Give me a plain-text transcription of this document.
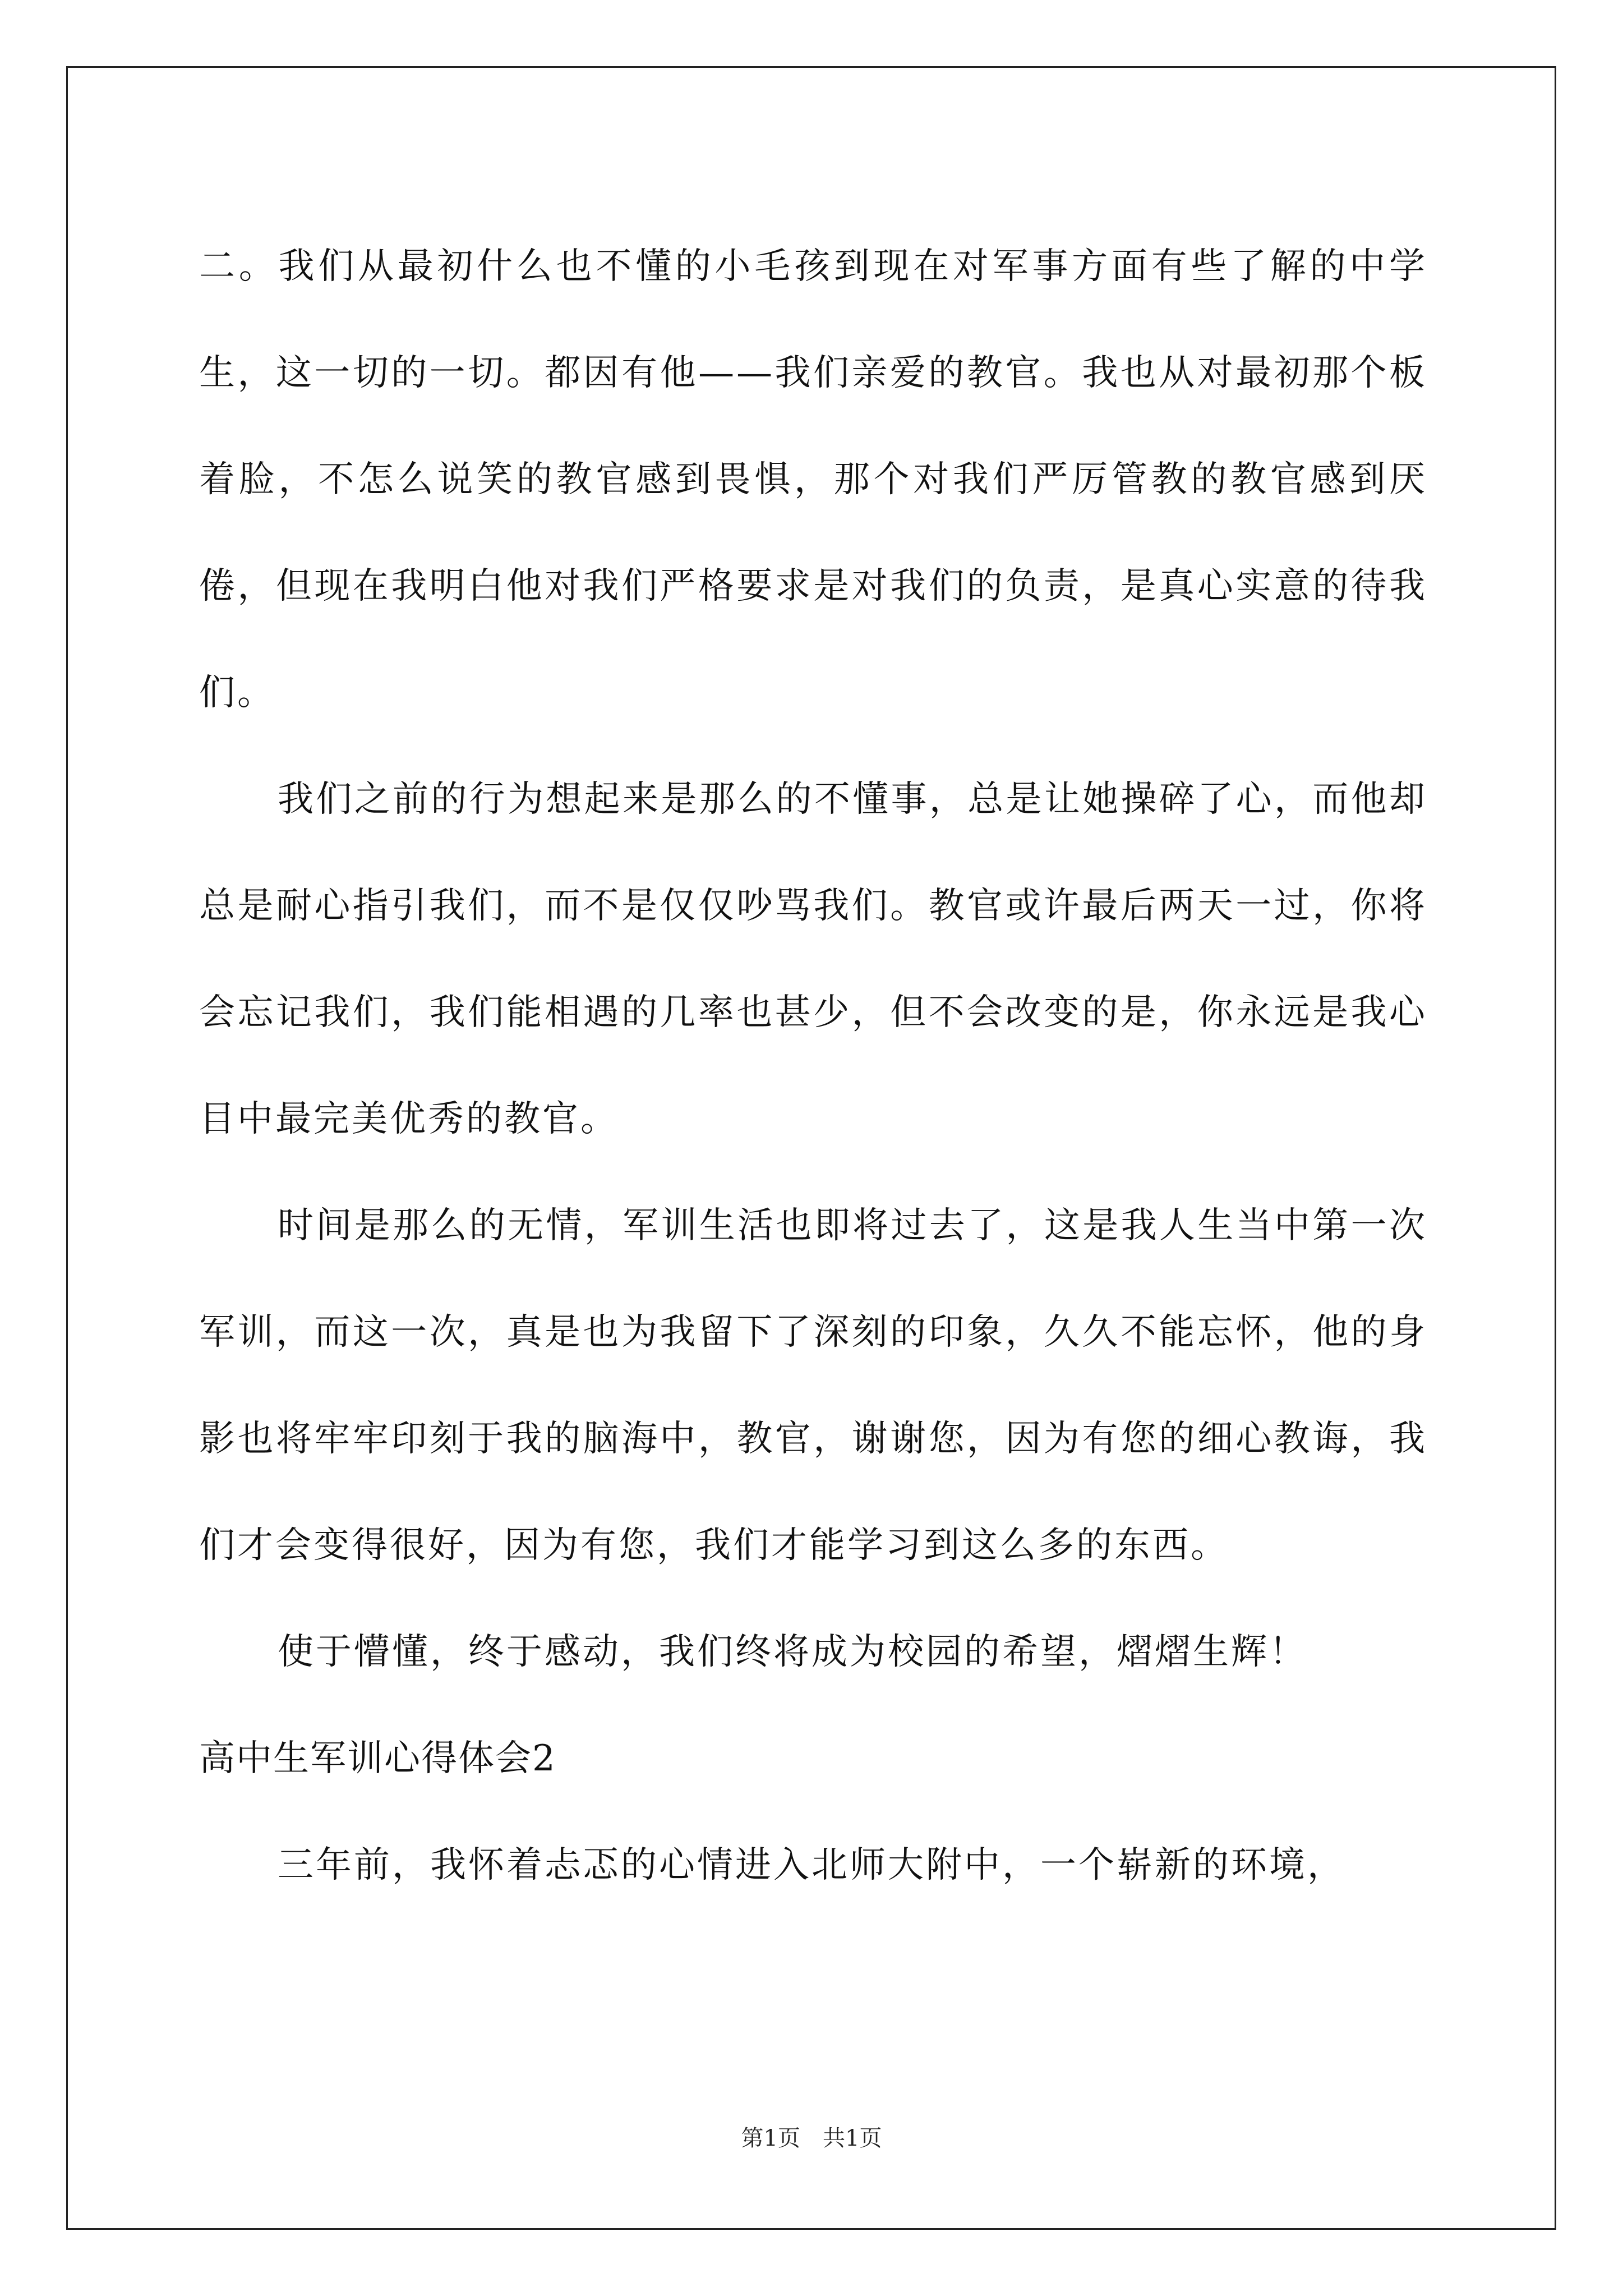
二。我们从最初什么也不懂的小毛孩到现在对军事方面有些了解的中学生，这一切的一切。都因有他——我们亲爱的教官。我也从对最初那个板着脸，不怎么说笑的教官感到畏惧，那个对我们严厉管教的教官感到厌倦，但现在我明白他对我们严格要求是对我们的负责，是真心实意的待我们。

我们之前的行为想起来是那么的不懂事，总是让她操碎了心，而他却总是耐心指引我们，而不是仅仅吵骂我们。教官或许最后两天一过，你将会忘记我们，我们能相遇的几率也甚少，但不会改变的是，你永远是我心目中最完美优秀的教官。

时间是那么的无情，军训生活也即将过去了，这是我人生当中第一次军训，而这一次，真是也为我留下了深刻的印象，久久不能忘怀，他的身影也将牢牢印刻于我的脑海中，教官，谢谢您，因为有您的细心教诲，我们才会变得很好，因为有您，我们才能学习到这么多的东西。

使于懵懂，终于感动，我们终将成为校园的希望，熠熠生辉！

高中生军训心得体会2

三年前，我怀着忐忑的心情进入北师大附中，一个崭新的环境，

第1页　共1页
